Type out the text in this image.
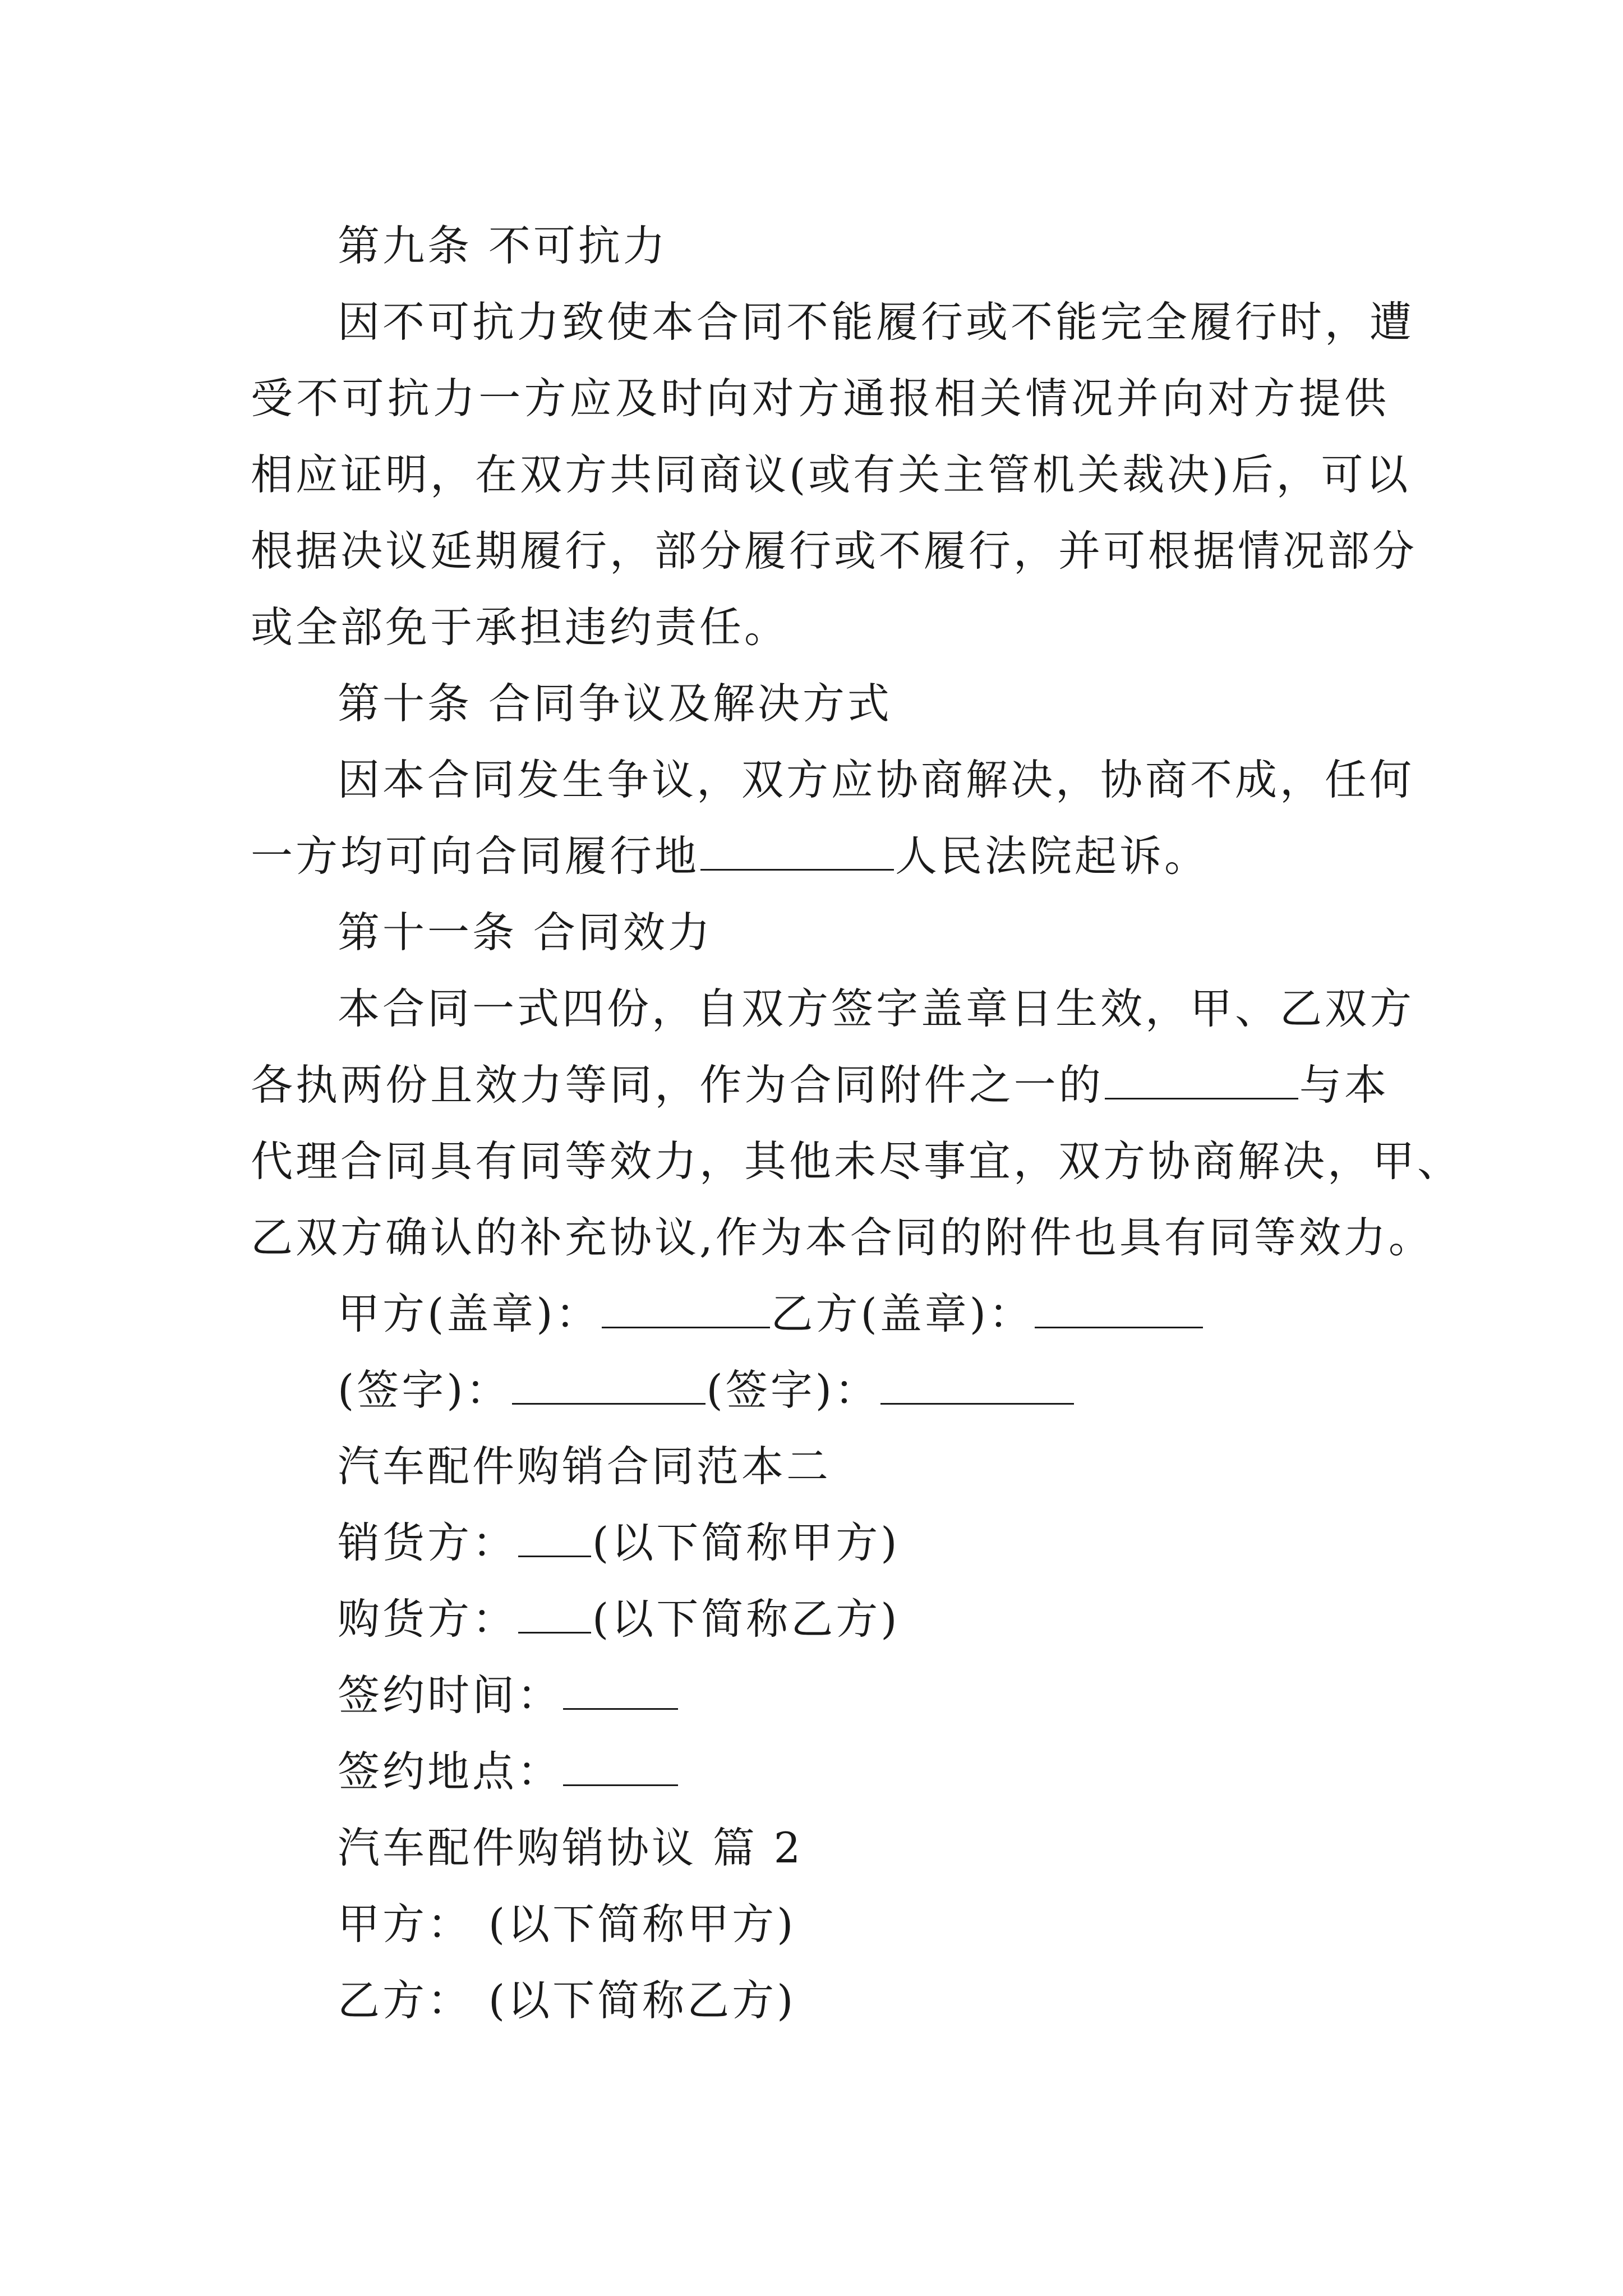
第九条 不可抗力
因不可抗力致使本合同不能履行或不能完全履行时，遭
受不可抗力一方应及时向对方通报相关情况并向对方提供
相应证明，在双方共同商议(或有关主管机关裁决)后，可以
根据决议延期履行，部分履行或不履行，并可根据情况部分
或全部免于承担违约责任。
第十条 合同争议及解决方式
因本合同发生争议，双方应协商解决，协商不成，任何
一方均可向合同履行地	人民法院起诉。
第十一条 合同效力
本合同一式四份，自双方签字盖章日生效，甲、乙双方
各执两份且效力等同，作为合同附件之一的	与本
代理合同具有同等效力，其他未尽事宜，双方协商解决，甲、
乙双方确认的补充协议,作为本合同的附件也具有同等效力。
甲方(盖章)：	乙方(盖章)：
(签字)：	(签字)：
汽车配件购销合同范本二
销货方： (以下简称甲方)
购货方： (以下简称乙方)
签约时间：
签约地点：
汽车配件购销协议 篇 2
甲方： (以下简称甲方)
乙方： (以下简称乙方)
